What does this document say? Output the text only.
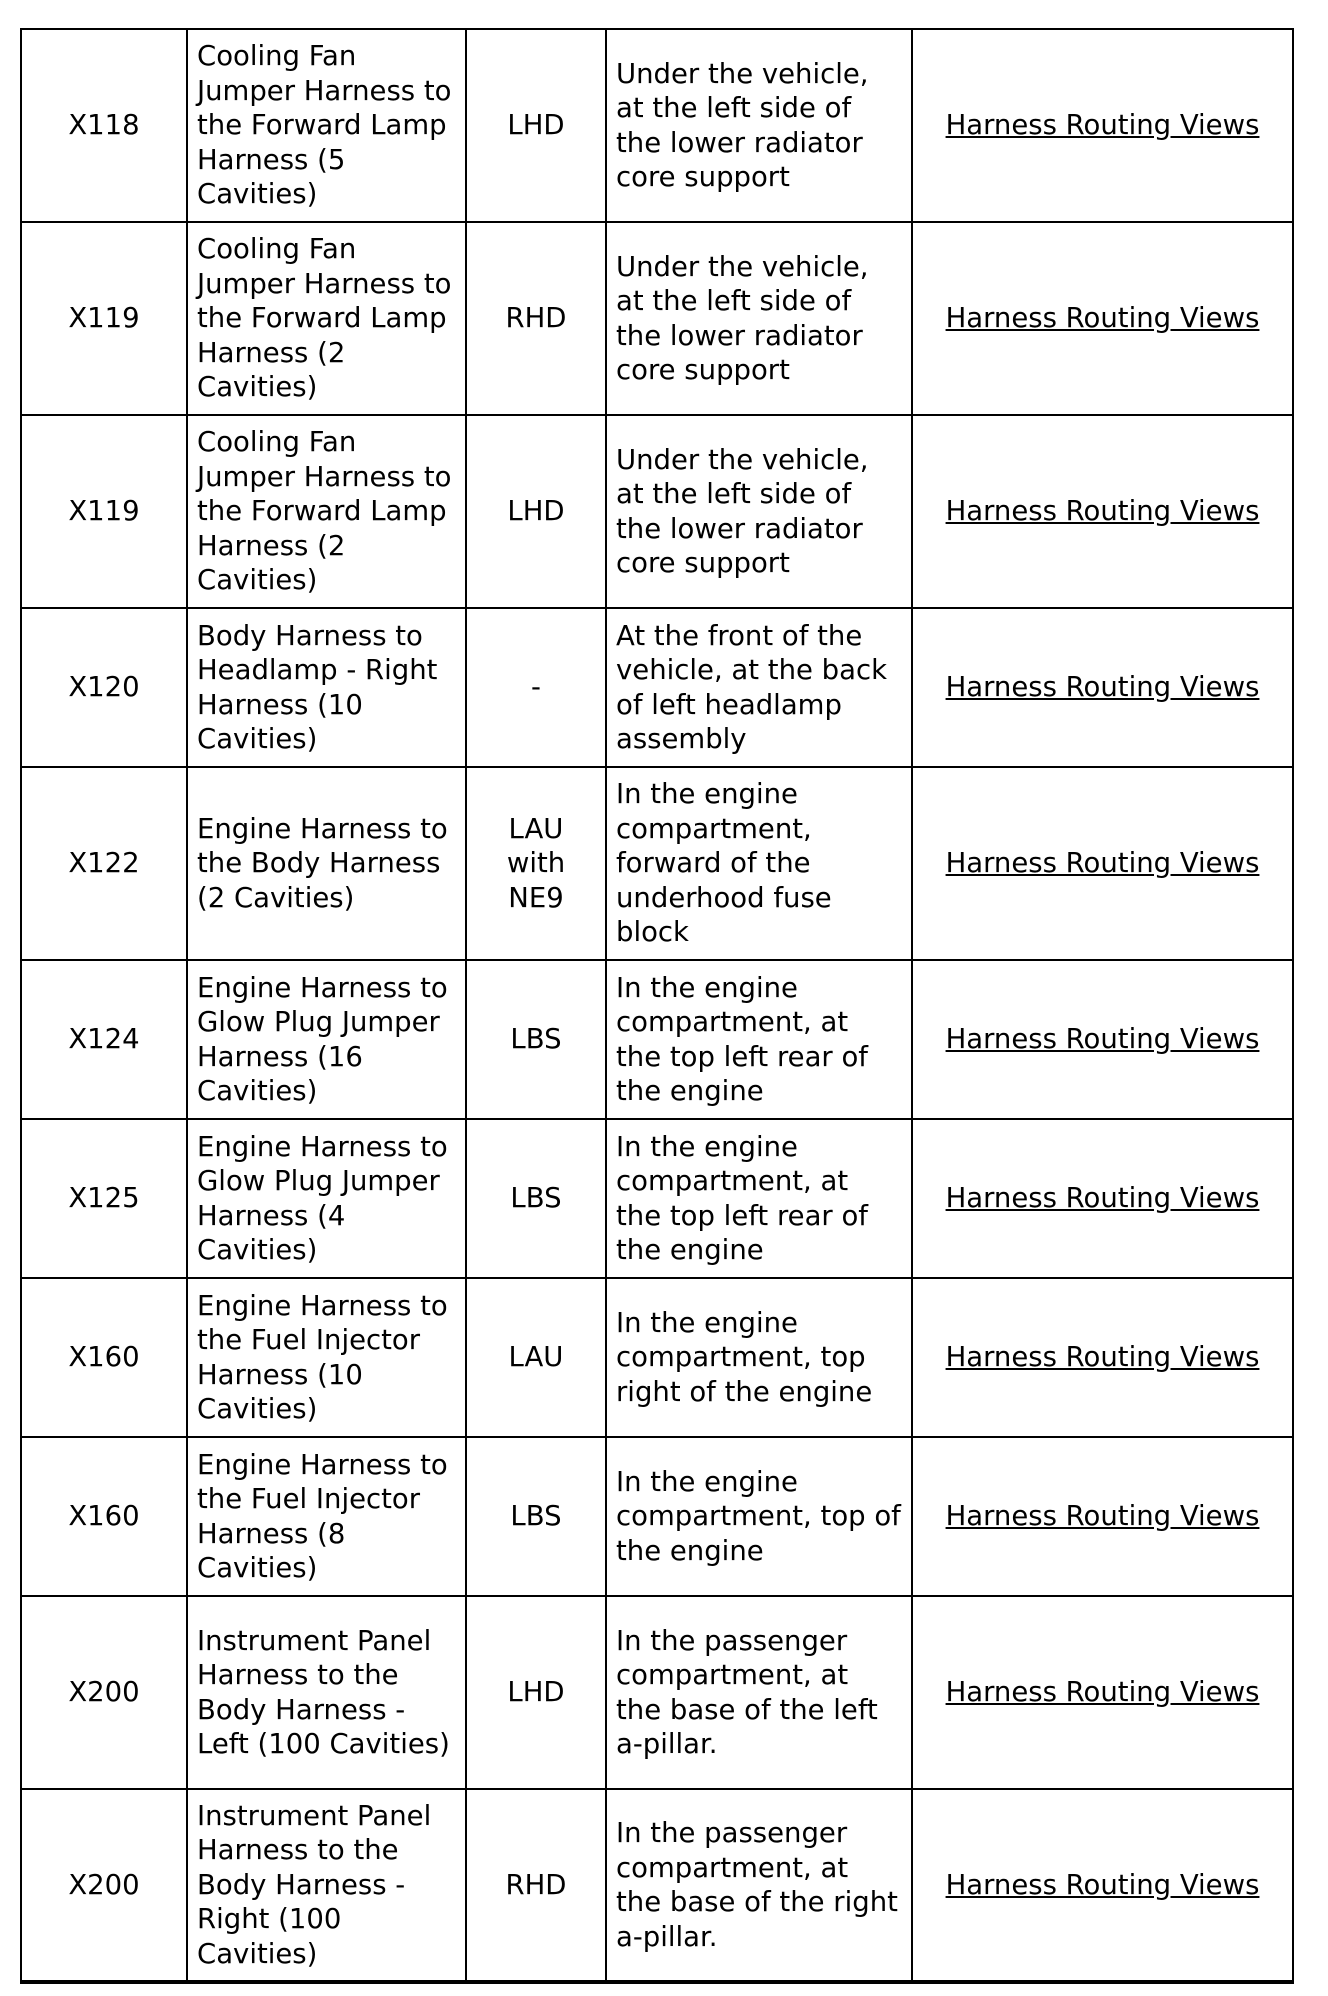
X118	Cooling Fan Jumper Harness to the Forward Lamp Harness (5 Cavities)	LHD	Under the vehicle, at the left side of the lower radiator core support	Harness Routing Views
X119	Cooling Fan Jumper Harness to the Forward Lamp Harness (2 Cavities)	RHD	Under the vehicle, at the left side of the lower radiator core support	Harness Routing Views
X119	Cooling Fan Jumper Harness to the Forward Lamp Harness (2 Cavities)	LHD	Under the vehicle, at the left side of the lower radiator core support	Harness Routing Views
X120	Body Harness to Headlamp - Right Harness (10 Cavities)	-	At the front of the vehicle, at the back of left headlamp assembly	Harness Routing Views
X122	Engine Harness to the Body Harness (2 Cavities)	LAU with NE9	In the engine compartment, forward of the underhood fuse block	Harness Routing Views
X124	Engine Harness to Glow Plug Jumper Harness (16 Cavities)	LBS	In the engine compartment, at the top left rear of the engine	Harness Routing Views
X125	Engine Harness to Glow Plug Jumper Harness (4 Cavities)	LBS	In the engine compartment, at the top left rear of the engine	Harness Routing Views
X160	Engine Harness to the Fuel Injector Harness (10 Cavities)	LAU	In the engine compartment, top right of the engine	Harness Routing Views
X160	Engine Harness to the Fuel Injector Harness (8 Cavities)	LBS	In the engine compartment, top of the engine	Harness Routing Views
X200	Instrument Panel Harness to the Body Harness - Left (100 Cavities)	LHD	In the passenger compartment, at the base of the left a-pillar.	Harness Routing Views
X200	Instrument Panel Harness to the Body Harness - Right (100 Cavities)	RHD	In the passenger compartment, at the base of the right a-pillar.	Harness Routing Views
